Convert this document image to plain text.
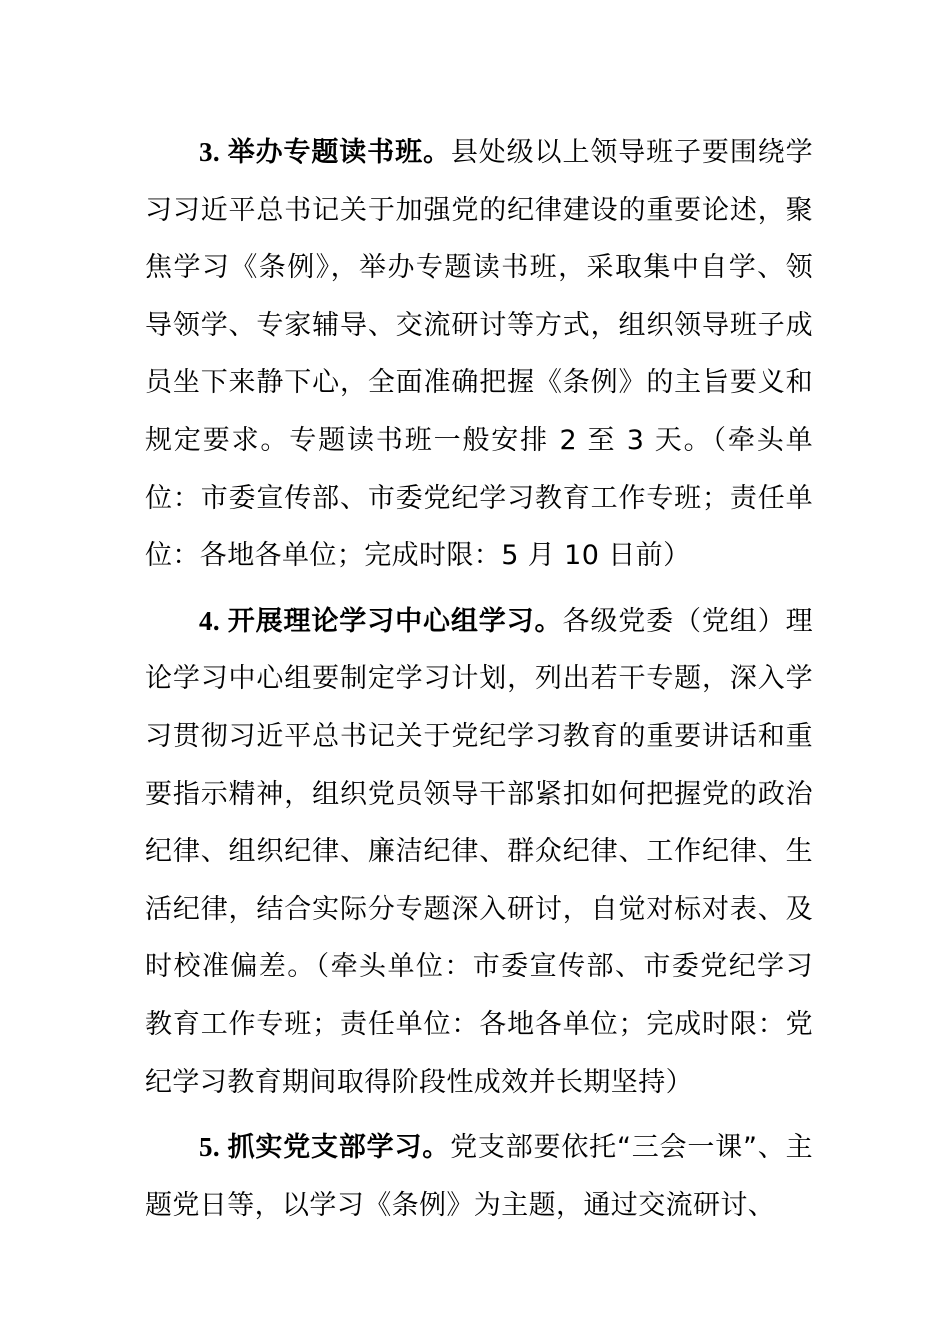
3. 举办专题读书班。县处级以上领导班子要围绕学习习近平总书记关于加强党的纪律建设的重要论述，聚焦学习《条例》，举办专题读书班，采取集中自学、领导领学、专家辅导、交流研讨等方式，组织领导班子成员坐下来静下心，全面准确把握《条例》的主旨要义和规定要求。专题读书班一般安排 2 至 3 天。（牵头单位：市委宣传部、市委党纪学习教育工作专班；责任单位：各地各单位；完成时限：5 月 10 日前）

4. 开展理论学习中心组学习。各级党委（党组）理论学习中心组要制定学习计划，列出若干专题，深入学习贯彻习近平总书记关于党纪学习教育的重要讲话和重要指示精神，组织党员领导干部紧扣如何把握党的政治纪律、组织纪律、廉洁纪律、群众纪律、工作纪律、生活纪律，结合实际分专题深入研讨，自觉对标对表、及时校准偏差。（牵头单位：市委宣传部、市委党纪学习教育工作专班；责任单位：各地各单位；完成时限：党纪学习教育期间取得阶段性成效并长期坚持）

5. 抓实党支部学习。党支部要依托“三会一课”、主题党日等，以学习《条例》为主题，通过交流研讨、
